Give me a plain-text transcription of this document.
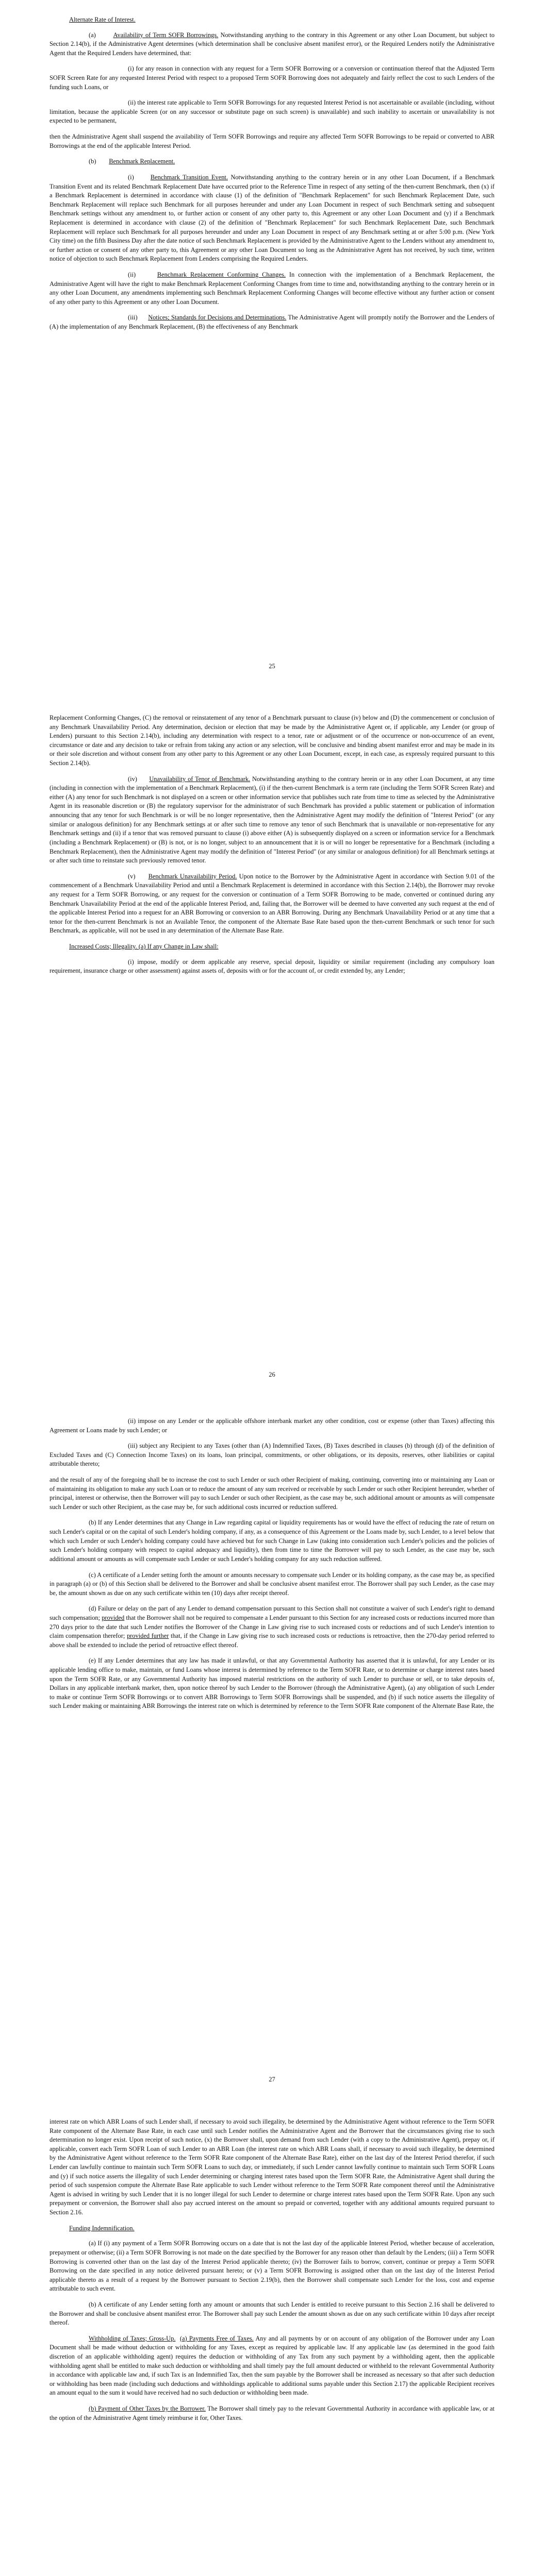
Alternate Rate of Interest.

(a)	Availability of Term SOFR Borrowings. Notwithstanding anything to the contrary in this Agreement or any other Loan Document, but subject to Section 2.14(b), if the Administrative Agent determines (which determination shall be conclusive absent manifest error), or the Required Lenders notify the Administrative Agent that the Required Lenders have determined, that:

(i) for any reason in connection with any request for a Term SOFR Borrowing or a conversion or continuation thereof that the Adjusted Term SOFR Screen Rate for any requested Interest Period with respect to a proposed Term SOFR Borrowing does not adequately and fairly reflect the cost to such Lenders of the funding such Loans, or

(ii) the interest rate applicable to Term SOFR Borrowings for any requested Interest Period is not ascertainable or available (including, without limitation, because the applicable Screen (or on any successor or substitute page on such screen) is unavailable) and such inability to ascertain or unavailability is not expected to be permanent,

then the Administrative Agent shall suspend the availability of Term SOFR Borrowings and require any affected Term SOFR Borrowings to be repaid or converted to ABR Borrowings at the end of the applicable Interest Period.

(b) Benchmark Replacement.

(i)	Benchmark Transition Event. Notwithstanding anything to the contrary herein or in any other Loan Document, if a Benchmark Transition Event and its related Benchmark Replacement Date have occurred prior to the Reference Time in respect of any setting of the then-current Benchmark, then (x) if a Benchmark Replacement is determined in accordance with clause (1) of the definition of "Benchmark Replacement" for such Benchmark Replacement Date, such Benchmark Replacement will replace such Benchmark for all purposes hereunder and under any Loan Document in respect of such Benchmark setting and subsequent Benchmark settings without any amendment to, or further action or consent of any other party to, this Agreement or any other Loan Document and (y) if a Benchmark Replacement is determined in accordance with clause (2) of the definition of "Benchmark Replacement" for such Benchmark Replacement Date, such Benchmark Replacement will replace such Benchmark for all purposes hereunder and under any Loan Document in respect of any Benchmark setting at or after 5:00 p.m. (New York City time) on the fifth Business Day after the date notice of such Benchmark Replacement is provided by the Administrative Agent to the Lenders without any amendment to, or further action or consent of any other party to, this Agreement or any other Loan Document so long as the Administrative Agent has not received, by such time, written notice of objection to such Benchmark Replacement from Lenders comprising the Required Lenders.

(ii)	Benchmark Replacement Conforming Changes. In connection with the implementation of a Benchmark Replacement, the Administrative Agent will have the right to make Benchmark Replacement Conforming Changes from time to time and, notwithstanding anything to the contrary herein or in any other Loan Document, any amendments implementing such Benchmark Replacement Conforming Changes will become effective without any further action or consent of any other party to this Agreement or any other Loan Document.

(iii) Notices; Standards for Decisions and Determinations. The Administrative Agent will promptly notify the Borrower and the Lenders of (A) the implementation of any Benchmark Replacement, (B) the effectiveness of any Benchmark

25

Replacement Conforming Changes, (C) the removal or reinstatement of any tenor of a Benchmark pursuant to clause (iv) below and (D) the commencement or conclusion of any Benchmark Unavailability Period. Any determination, decision or election that may be made by the Administrative Agent or, if applicable, any Lender (or group of Lenders) pursuant to this Section 2.14(b), including any determination with respect to a tenor, rate or adjustment or of the occurrence or non-occurrence of an event, circumstance or date and any decision to take or refrain from taking any action or any selection, will be conclusive and binding absent manifest error and may be made in its or their sole discretion and without consent from any other party to this Agreement or any other Loan Document, except, in each case, as expressly required pursuant to this Section 2.14(b).

(iv) Unavailability of Tenor of Benchmark. Notwithstanding anything to the contrary herein or in any other Loan Document, at any time (including in connection with the implementation of a Benchmark Replacement), (i) if the then-current Benchmark is a term rate (including the Term SOFR Screen Rate) and either (A) any tenor for such Benchmark is not displayed on a screen or other information service that publishes such rate from time to time as selected by the Administrative Agent in its reasonable discretion or (B) the regulatory supervisor for the administrator of such Benchmark has provided a public statement or publication of information announcing that any tenor for such Benchmark is or will be no longer representative, then the Administrative Agent may modify the definition of "Interest Period" (or any similar or analogous definition) for any Benchmark settings at or after such time to remove any tenor of such Benchmark that is unavailable or non-representative for any Benchmark settings and (ii) if a tenor that was removed pursuant to clause (i) above either (A) is subsequently displayed on a screen or information service for a Benchmark (including a Benchmark Replacement) or (B) is not, or is no longer, subject to an announcement that it is or will no longer be representative for a Benchmark (including a Benchmark Replacement), then the Administrative Agent may modify the definition of "Interest Period" (or any similar or analogous definition) for all Benchmark settings at or after such time to reinstate such previously removed tenor.

(v) Benchmark Unavailability Period. Upon notice to the Borrower by the Administrative Agent in accordance with Section 9.01 of the commencement of a Benchmark Unavailability Period and until a Benchmark Replacement is determined in accordance with this Section 2.14(b), the Borrower may revoke any request for a Term SOFR Borrowing, or any request for the conversion or continuation of a Term SOFR Borrowing to be made, converted or continued during any Benchmark Unavailability Period at the end of the applicable Interest Period, and, failing that, the Borrower will be deemed to have converted any such request at the end of the applicable Interest Period into a request for an ABR Borrowing or conversion to an ABR Borrowing. During any Benchmark Unavailability Period or at any time that a tenor for the then-current Benchmark is not an Available Tenor, the component of the Alternate Base Rate based upon the then-current Benchmark or such tenor for such Benchmark, as applicable, will not be used in any determination of the Alternate Base Rate.

Increased Costs; Illegality. (a) If any Change in Law shall:

(i) impose, modify or deem applicable any reserve, special deposit, liquidity or similar requirement (including any compulsory loan requirement, insurance charge or other assessment) against assets of, deposits with or for the account of, or credit extended by, any Lender;

26

(ii) impose on any Lender or the applicable offshore interbank market any other condition, cost or expense (other than Taxes) affecting this Agreement or Loans made by such Lender; or

(iii) subject any Recipient to any Taxes (other than (A) Indemnified Taxes, (B) Taxes described in clauses (b) through (d) of the definition of Excluded Taxes and (C) Connection Income Taxes) on its loans, loan principal, commitments, or other obligations, or its deposits, reserves, other liabilities or capital attributable thereto;

and the result of any of the foregoing shall be to increase the cost to such Lender or such other Recipient of making, continuing, converting into or maintaining any Loan or of maintaining its obligation to make any such Loan or to reduce the amount of any sum received or receivable by such Lender or such other Recipient hereunder, whether of principal, interest or otherwise, then the Borrower will pay to such Lender or such other Recipient, as the case may be, such additional amount or amounts as will compensate such Lender or such other Recipient, as the case may be, for such additional costs incurred or reduction suffered.

(b) If any Lender determines that any Change in Law regarding capital or liquidity requirements has or would have the effect of reducing the rate of return on such Lender's capital or on the capital of such Lender's holding company, if any, as a consequence of this Agreement or the Loans made by, such Lender, to a level below that which such Lender or such Lender's holding company could have achieved but for such Change in Law (taking into consideration such Lender's policies and the policies of such Lender's holding company with respect to capital adequacy and liquidity), then from time to time the Borrower will pay to such Lender, as the case may be, such additional amount or amounts as will compensate such Lender or such Lender's holding company for any such reduction suffered.

(c) A certificate of a Lender setting forth the amount or amounts necessary to compensate such Lender or its holding company, as the case may be, as specified in paragraph (a) or (b) of this Section shall be delivered to the Borrower and shall be conclusive absent manifest error. The Borrower shall pay such Lender, as the case may be, the amount shown as due on any such certificate within ten (10) days after receipt thereof.

(d) Failure or delay on the part of any Lender to demand compensation pursuant to this Section shall not constitute a waiver of such Lender's right to demand such compensation; provided that the Borrower shall not be required to compensate a Lender pursuant to this Section for any increased costs or reductions incurred more than 270 days prior to the date that such Lender notifies the Borrower of the Change in Law giving rise to such increased costs or reductions and of such Lender's intention to claim compensation therefor; provided further that, if the Change in Law giving rise to such increased costs or reductions is retroactive, then the 270-day period referred to above shall be extended to include the period of retroactive effect thereof.

(e) If any Lender determines that any law has made it unlawful, or that any Governmental Authority has asserted that it is unlawful, for any Lender or its applicable lending office to make, maintain, or fund Loans whose interest is determined by reference to the Term SOFR Rate, or to determine or charge interest rates based upon the Term SOFR Rate, or any Governmental Authority has imposed material restrictions on the authority of such Lender to purchase or sell, or to take deposits of, Dollars in any applicable interbank market, then, upon notice thereof by such Lender to the Borrower (through the Administrative Agent), (a) any obligation of such Lender to make or continue Term SOFR Borrowings or to convert ABR Borrowings to Term SOFR Borrowings shall be suspended, and (b) if such notice asserts the illegality of such Lender making or maintaining ABR Borrowings the interest rate on which is determined by reference to the Term SOFR Rate component of the Alternate Base Rate, the

27

interest rate on which ABR Loans of such Lender shall, if necessary to avoid such illegality, be determined by the Administrative Agent without reference to the Term SOFR Rate component of the Alternate Base Rate, in each case until such Lender notifies the Administrative Agent and the Borrower that the circumstances giving rise to such determination no longer exist. Upon receipt of such notice, (x) the Borrower shall, upon demand from such Lender (with a copy to the Administrative Agent), prepay or, if applicable, convert each Term SOFR Loan of such Lender to an ABR Loan (the interest rate on which ABR Loans shall, if necessary to avoid such illegality, be determined by the Administrative Agent without reference to the Term SOFR Rate component of the Alternate Base Rate), either on the last day of the Interest Period therefor, if such Lender can lawfully continue to maintain such Term SOFR Loans to such day, or immediately, if such Lender cannot lawfully continue to maintain such Term SOFR Loans and (y) if such notice asserts the illegality of such Lender determining or charging interest rates based upon the Term SOFR Rate, the Administrative Agent shall during the period of such suspension compute the Alternate Base Rate applicable to such Lender without reference to the Term SOFR Rate component thereof until the Administrative Agent is advised in writing by such Lender that it is no longer illegal for such Lender to determine or charge interest rates based upon the Term SOFR Rate. Upon any such prepayment or conversion, the Borrower shall also pay accrued interest on the amount so prepaid or converted, together with any additional amounts required pursuant to Section 2.16.

Funding Indemnification.

(a) If (i) any payment of a Term SOFR Borrowing occurs on a date that is not the last day of the applicable Interest Period, whether because of acceleration, prepayment or otherwise; (ii) a Term SOFR Borrowing is not made on the date specified by the Borrower for any reason other than default by the Lenders; (iii) a Term SOFR Borrowing is converted other than on the last day of the Interest Period applicable thereto; (iv) the Borrower fails to borrow, convert, continue or prepay a Term SOFR Borrowing on the date specified in any notice delivered pursuant hereto; or (v) a Term SOFR Borrowing is assigned other than on the last day of the Interest Period applicable thereto as a result of a request by the Borrower pursuant to Section 2.19(b), then the Borrower shall compensate such Lender for the loss, cost and expense attributable to such event.

(b) A certificate of any Lender setting forth any amount or amounts that such Lender is entitled to receive pursuant to this Section 2.16 shall be delivered to the Borrower and shall be conclusive absent manifest error. The Borrower shall pay such Lender the amount shown as due on any such certificate within 10 days after receipt thereof.

Withholding of Taxes; Gross-Up. (a) Payments Free of Taxes. Any and all payments by or on account of any obligation of the Borrower under any Loan Document shall be made without deduction or withholding for any Taxes, except as required by applicable law. If any applicable law (as determined in the good faith discretion of an applicable withholding agent) requires the deduction or withholding of any Tax from any such payment by a withholding agent, then the applicable withholding agent shall be entitled to make such deduction or withholding and shall timely pay the full amount deducted or withheld to the relevant Governmental Authority in accordance with applicable law and, if such Tax is an Indemnified Tax, then the sum payable by the Borrower shall be increased as necessary so that after such deduction or withholding has been made (including such deductions and withholdings applicable to additional sums payable under this Section 2.17) the applicable Recipient receives an amount equal to the sum it would have received had no such deduction or withholding been made.

(b) Payment of Other Taxes by the Borrower. The Borrower shall timely pay to the relevant Governmental Authority in accordance with applicable law, or at the option of the Administrative Agent timely reimburse it for, Other Taxes.
